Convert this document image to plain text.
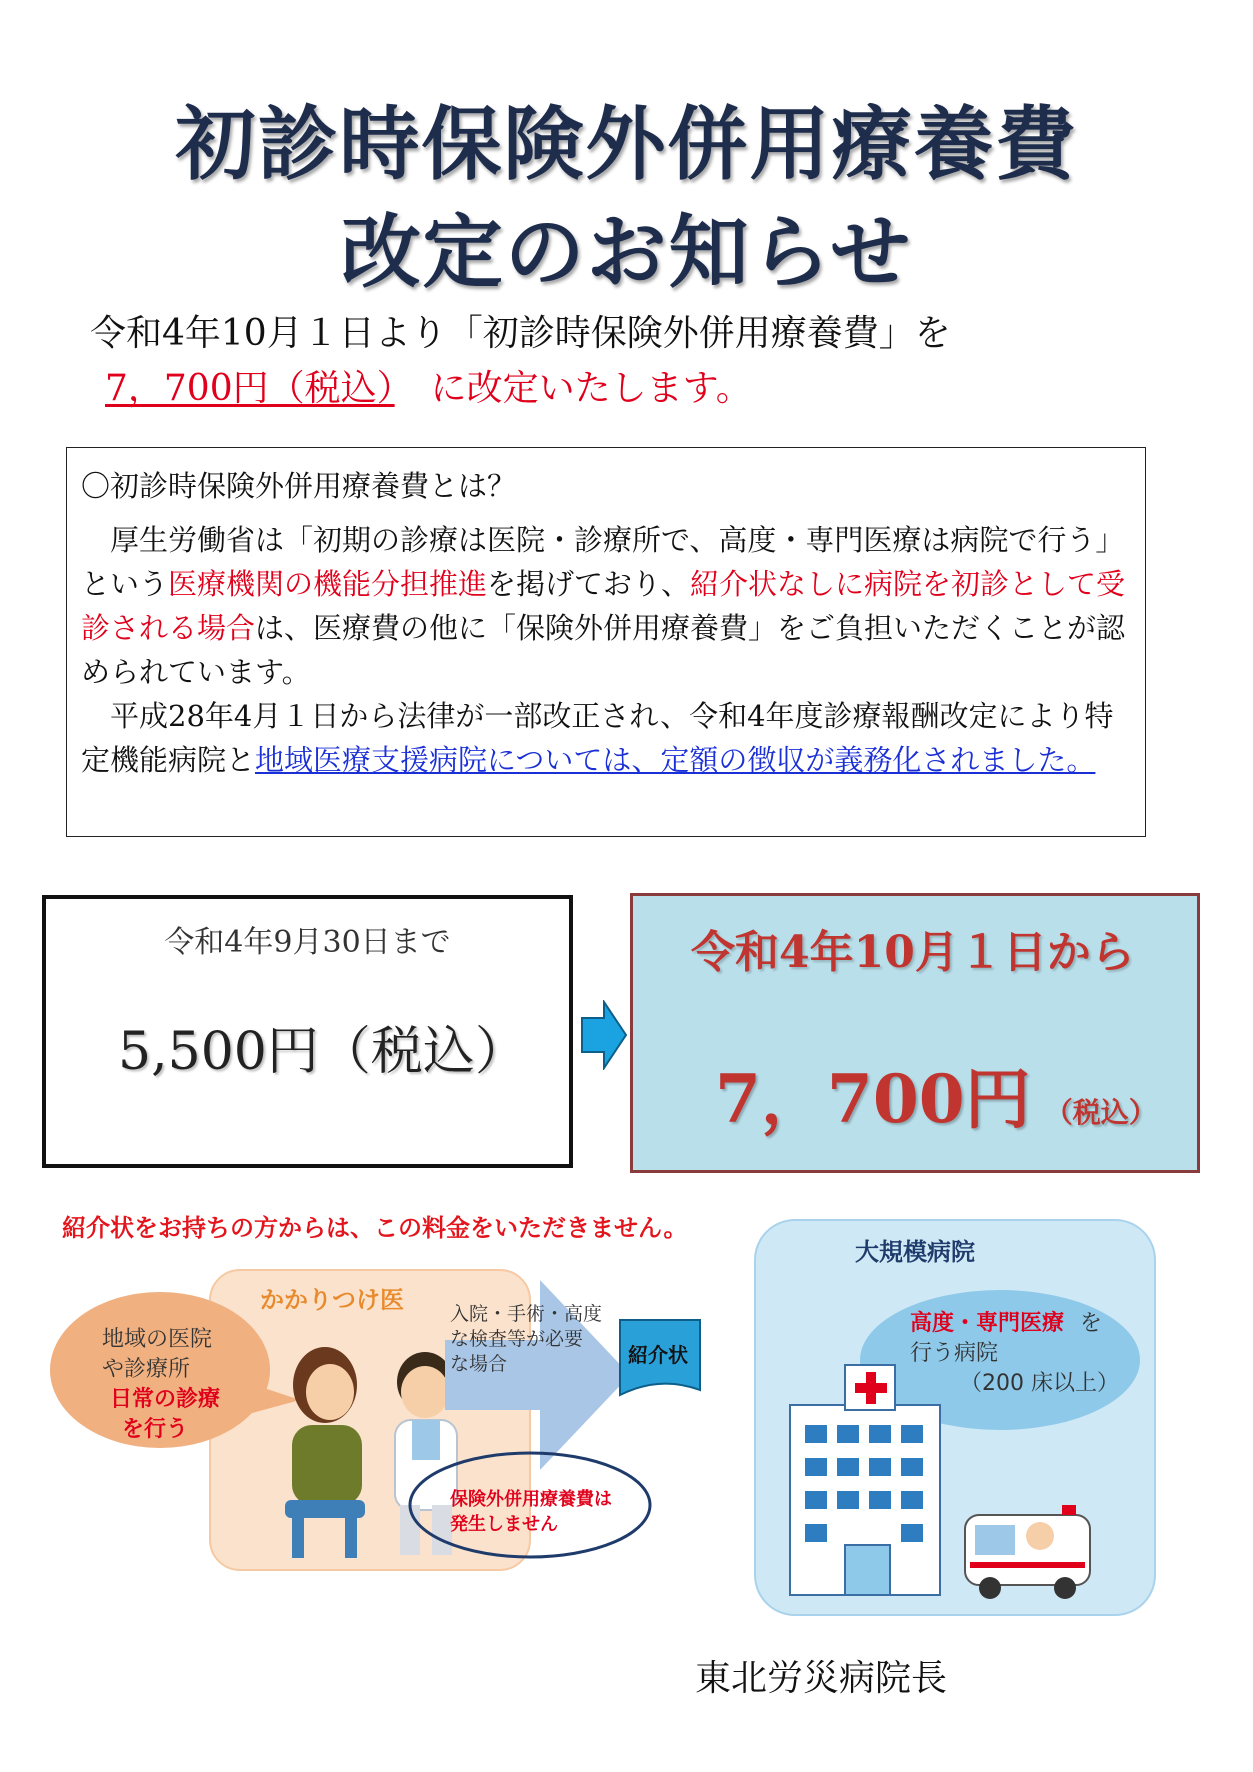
初診時保険外併用療養費
改定のお知らせ
令和4年10月１日より「初診時保険外併用療養費」を
7，700円（税込）　に改定いたします。
〇初診時保険外併用療養費とは？
　厚生労働省は「初期の診療は医院・診療所で、高度・専門医療は病院で行う」という医療機関の機能分担推進を掲げており、紹介状なしに病院を初診として受診される場合は、医療費の他に「保険外併用療養費」をご負担いただくことが認められています。
　平成28年4月１日から法律が一部改正され、令和4年度診療報酬改定により特定機能病院と地域医療支援病院については、定額の徴収が義務化されました。
令和4年9月30日まで
5,500円（税込）
令和4年10月１日から
7，700円 （税込）
紹介状をお持ちの方からは、この料金をいただきません。
かかりつけ医
地域の医院
や診療所
日常の診療
を行う
入院・手術・高度
な検査等が必要
な場合	紹介状
保険外併用療養費は
発生しません
大規模病院
高度・専門医療 を
行う病院
（200 床以上）
東北労災病院長
